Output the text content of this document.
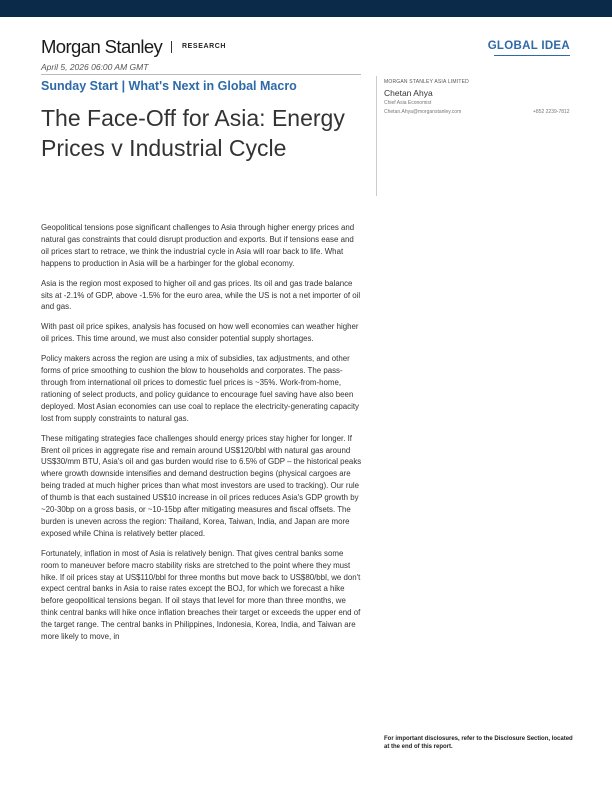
Morgan Stanley	RESEARCH	GLOBAL IDEA
April 5, 2026 06:00 AM GMT
Sunday Start | What's Next in Global Macro
The Face-Off for Asia: Energy Prices v Industrial Cycle
MORGAN STANLEY ASIA LIMITED
Chetan Ahya
Chief Asia Economist
Chetan.Ahya@morganstanley.com	+852 2239-7812

Geopolitical tensions pose significant challenges to Asia through higher energy prices and natural gas constraints that could disrupt production and exports. But if tensions ease and oil prices start to retrace, we think the industrial cycle in Asia will roar back to life. What happens to production in Asia will be a harbinger for the global economy.

Asia is the region most exposed to higher oil and gas prices. Its oil and gas trade balance sits at -2.1% of GDP, above -1.5% for the euro area, while the US is not a net importer of oil and gas.

With past oil price spikes, analysis has focused on how well economies can weather higher oil prices. This time around, we must also consider potential supply shortages.

Policy makers across the region are using a mix of subsidies, tax adjustments, and other forms of price smoothing to cushion the blow to households and corporates. The pass-through from international oil prices to domestic fuel prices is ~35%. Work-from-home, rationing of select products, and policy guidance to encourage fuel saving have also been deployed. Most Asian economies can use coal to replace the electricity-generating capacity lost from supply constraints to natural gas.

These mitigating strategies face challenges should energy prices stay higher for longer. If Brent oil prices in aggregate rise and remain around US$120/bbl with natural gas around US$30/mm BTU, Asia's oil and gas burden would rise to 6.5% of GDP – the historical peaks where growth downside intensifies and demand destruction begins (physical cargoes are being traded at much higher prices than what most investors are used to tracking). Our rule of thumb is that each sustained US$10 increase in oil prices reduces Asia's GDP growth by ~20-30bp on a gross basis, or ~10-15bp after mitigating measures and fiscal offsets. The burden is uneven across the region: Thailand, Korea, Taiwan, India, and Japan are more exposed while China is relatively better placed.

Fortunately, inflation in most of Asia is relatively benign. That gives central banks some room to maneuver before macro stability risks are stretched to the point where they must hike. If oil prices stay at US$110/bbl for three months but move back to US$80/bbl, we don't expect central banks in Asia to raise rates except the BOJ, for which we forecast a hike before geopolitical tensions began. If oil stays that level for more than three months, we think central banks will hike once inflation breaches their target or exceeds the upper end of the target range. The central banks in Philippines, Indonesia, Korea, India, and Taiwan are more likely to move, in

For important disclosures, refer to the Disclosure Section, located at the end of this report.
